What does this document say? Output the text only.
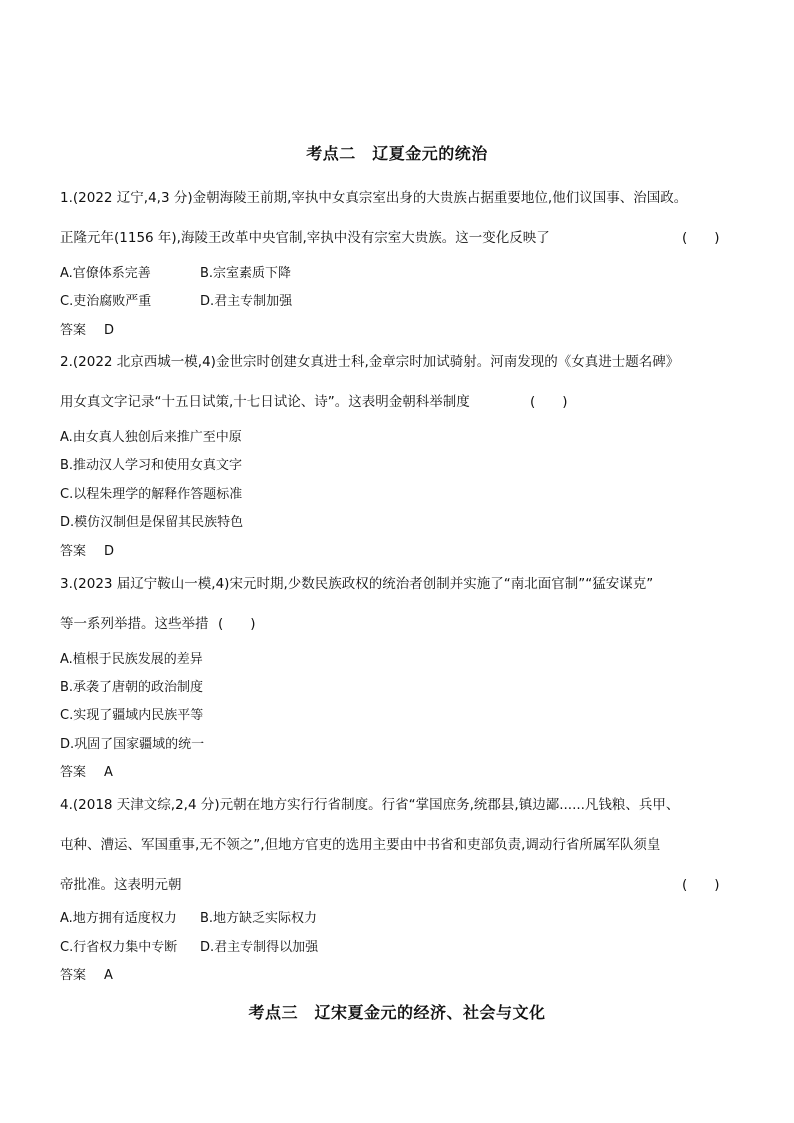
考点二　辽夏金元的统治
1.(2022 辽宁,4,3 分)金朝海陵王前期,宰执中女真宗室出身的大贵族占据重要地位,他们议国事、治国政。
正隆元年(1156 年),海陵王改革中央官制,宰执中没有宗室大贵族。这一变化反映了	(　　)
A.官僚体系完善	B.宗室素质下降
C.吏治腐败严重	D.君主专制加强
答案 D
2.(2022 北京西城一模,4)金世宗时创建女真进士科,金章宗时加试骑射。河南发现的《女真进士题名碑》
用女真文字记录“十五日试策,十七日试论、诗”。这表明金朝科举制度	(　　)
A.由女真人独创后来推广至中原
B.推动汉人学习和使用女真文字
C.以程朱理学的解释作答题标准
D.模仿汉制但是保留其民族特色
答案 D
3.(2023 届辽宁鞍山一模,4)宋元时期,少数民族政权的统治者创制并实施了“南北面官制”“猛安谋克”
等一系列举措。这些举措 (　　)
A.植根于民族发展的差异
B.承袭了唐朝的政治制度
C.实现了疆域内民族平等
D.巩固了国家疆域的统一
答案 A
4.(2018 天津文综,2,4 分)元朝在地方实行行省制度。行省“掌国庶务,统郡县,镇边鄙......凡钱粮、兵甲、
屯种、漕运、军国重事,无不领之”,但地方官吏的选用主要由中书省和吏部负责,调动行省所属军队须皇
帝批准。这表明元朝	(　　)
A.地方拥有适度权力 B.地方缺乏实际权力
C.行省权力集中专断 D.君主专制得以加强
答案 A
考点三　辽宋夏金元的经济、社会与文化
